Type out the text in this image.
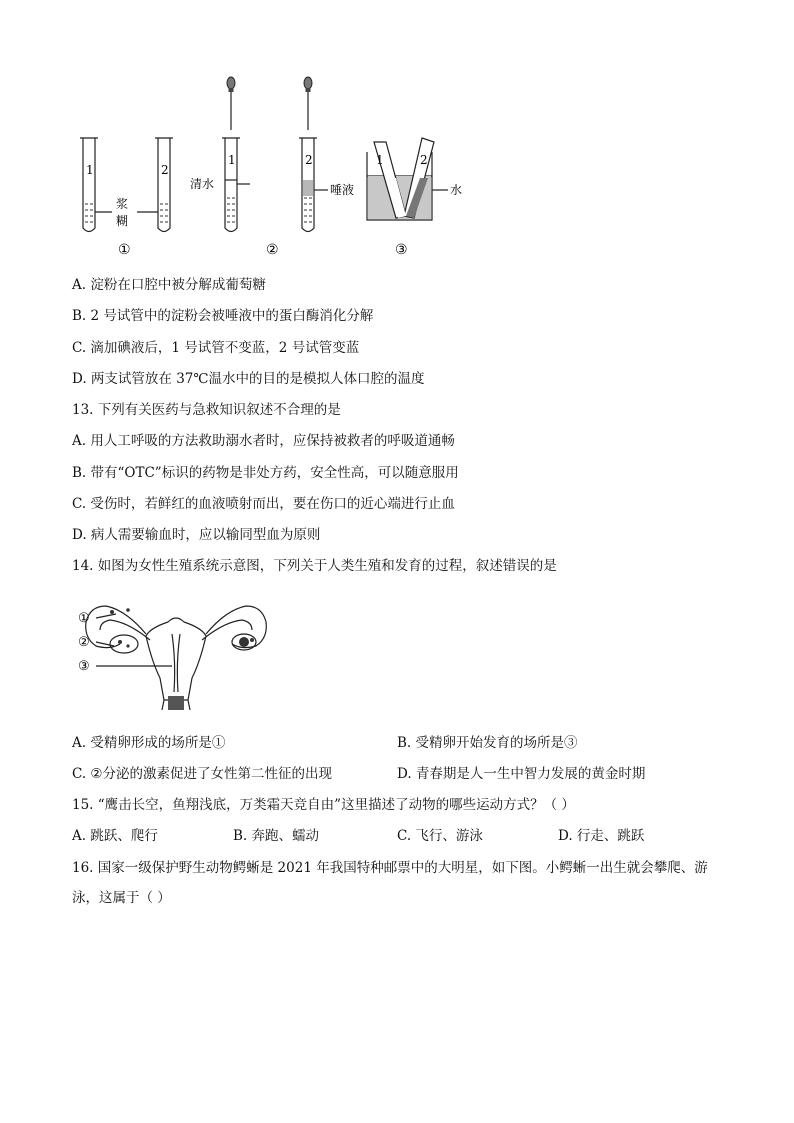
1	2
1	2	1	2
浆
糊
清水	唾液	水
①	②	③
A. 淀粉在口腔中被分解成葡萄糖
B. 2 号试管中的淀粉会被唾液中的蛋白酶消化分解
C. 滴加碘液后，1 号试管不变蓝，2 号试管变蓝
D. 两支试管放在 37℃温水中的目的是模拟人体口腔的温度
13. 下列有关医药与急救知识叙述不合理的是
A. 用人工呼吸的方法救助溺水者时，应保持被救者的呼吸道通畅
B. 带有“OTC”标识的药物是非处方药，安全性高，可以随意服用
C. 受伤时，若鲜红的血液喷射而出，要在伤口的近心端进行止血
D. 病人需要输血时，应以输同型血为原则
14. 如图为女性生殖系统示意图，下列关于人类生殖和发育的过程，叙述错误的是
①
②
③
A. 受精卵形成的场所是①	B. 受精卵开始发育的场所是③
C. ②分泌的激素促进了女性第二性征的出现	D. 青春期是人一生中智力发展的黄金时期
15. “鹰击长空，鱼翔浅底，万类霜天竞自由”这里描述了动物的哪些运动方式？（ ）
A. 跳跃、爬行	B. 奔跑、蠕动	C. 飞行、游泳	D. 行走、跳跃
16. 国家一级保护野生动物鳄蜥是 2021 年我国特种邮票中的大明星，如下图。小鳄蜥一出生就会攀爬、游
泳，这属于（ ）
